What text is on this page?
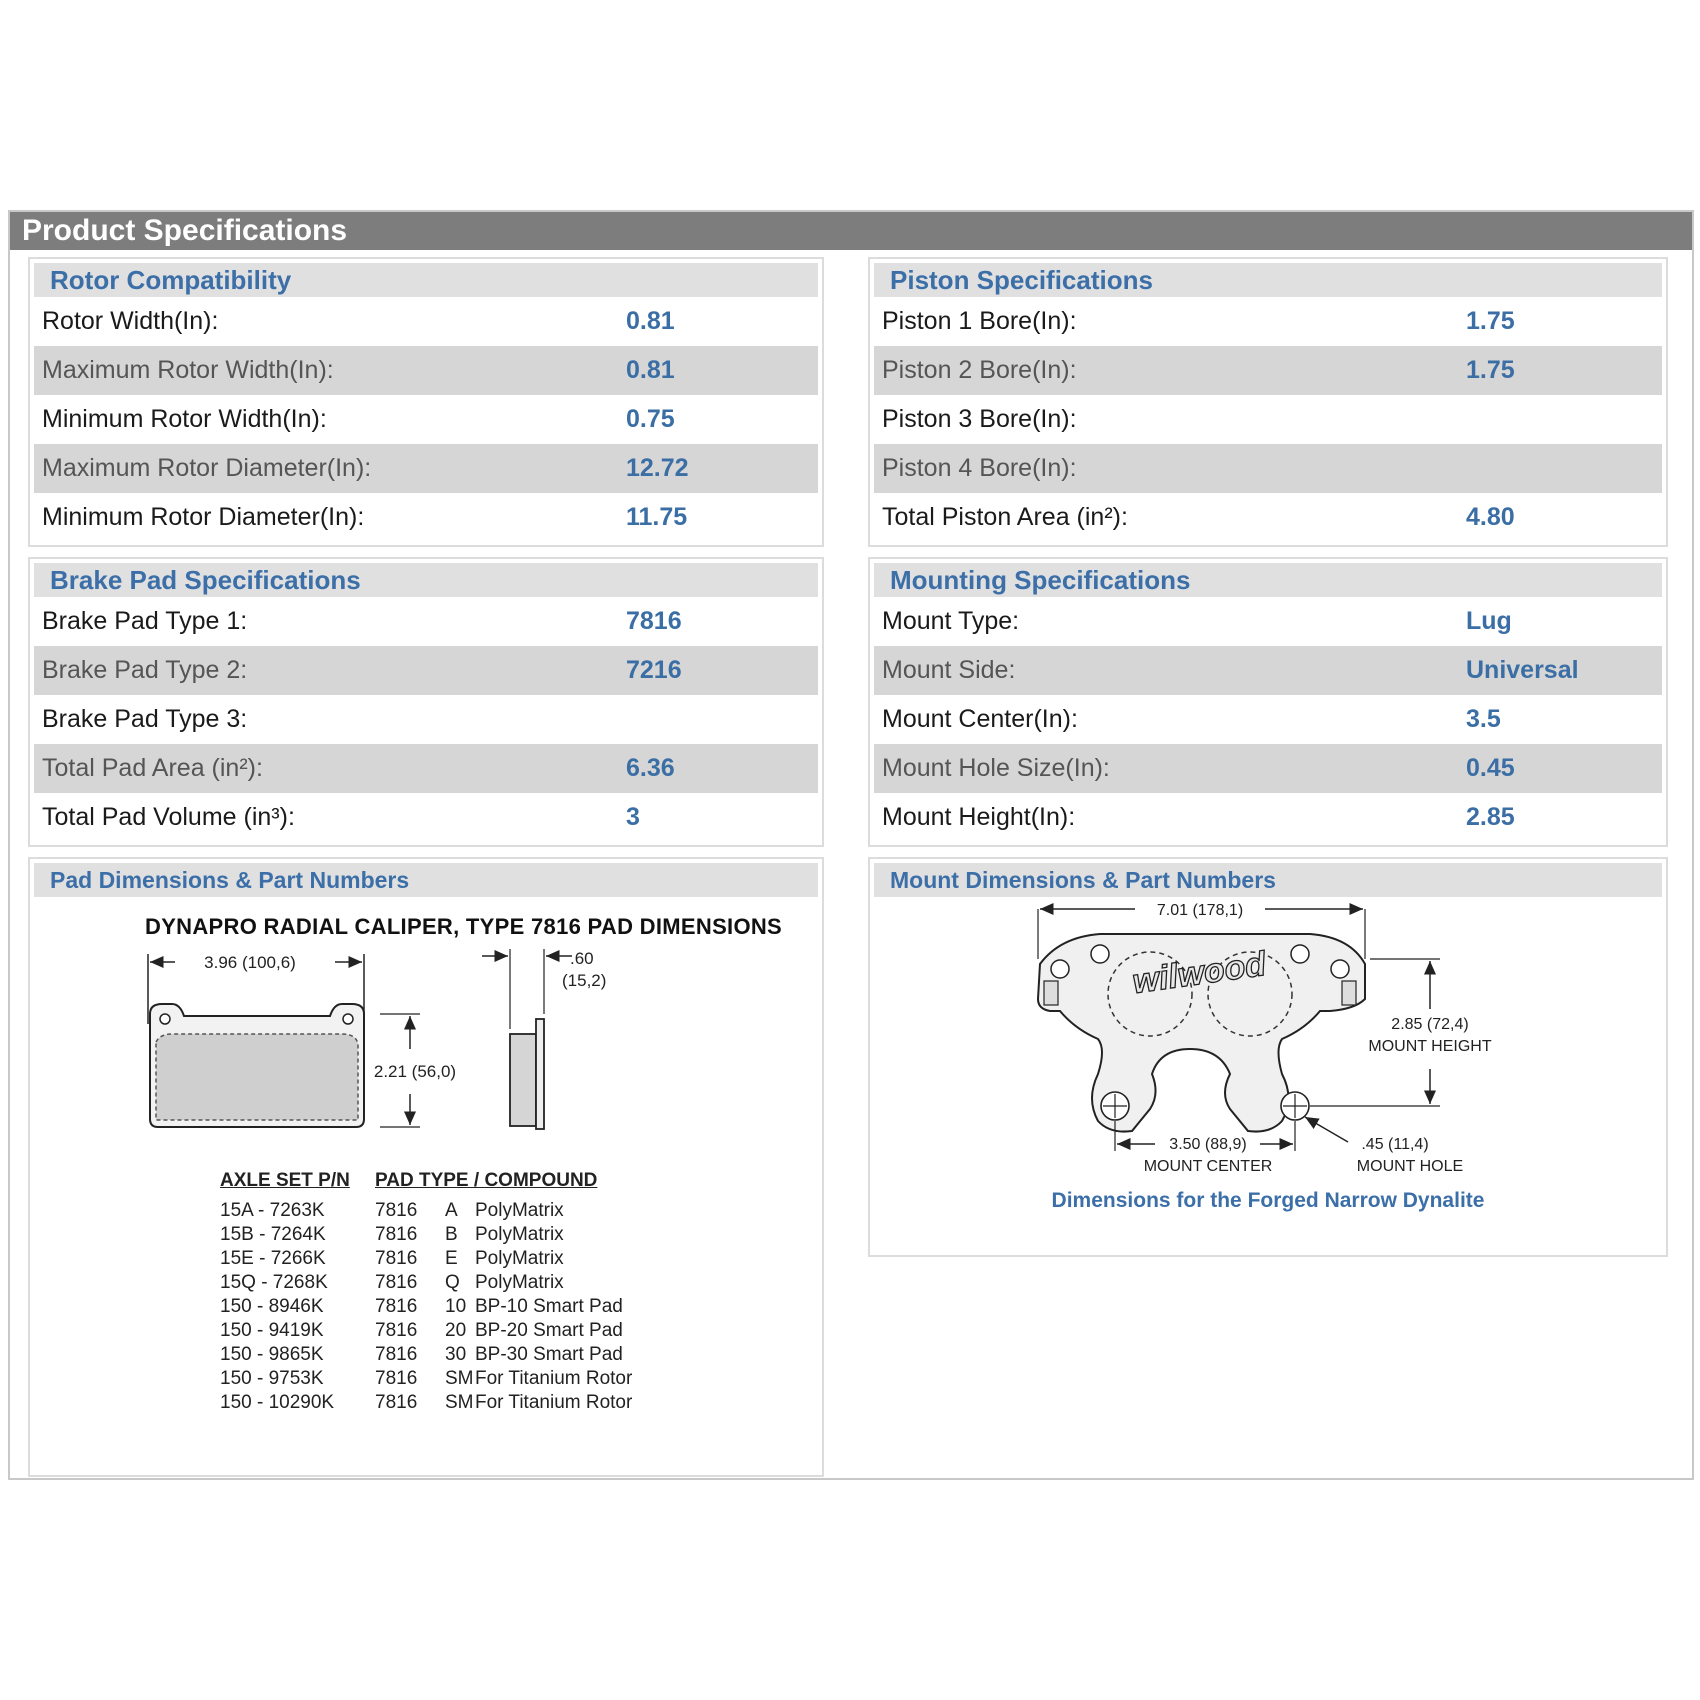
Product Specifications
Rotor Compatibility
Rotor Width(In):	0.81
Maximum Rotor Width(In):	0.81
Minimum Rotor Width(In):	0.75
Maximum Rotor Diameter(In):	12.72
Minimum Rotor Diameter(In):	11.75
Piston Specifications
Piston 1 Bore(In):	1.75
Piston 2 Bore(In):	1.75
Piston 3 Bore(In):
Piston 4 Bore(In):
Total Piston Area (in²):	4.80
Brake Pad Specifications
Brake Pad Type 1:	7816
Brake Pad Type 2:	7216
Brake Pad Type 3:
Total Pad Area (in²):	6.36
Total Pad Volume (in³):	3
Mounting Specifications
Mount Type:	Lug
Mount Side:	Universal
Mount Center(In):	3.5
Mount Hole Size(In):	0.45
Mount Height(In):	2.85
Pad Dimensions & Part Numbers
DYNAPRO RADIAL CALIPER, TYPE 7816 PAD DIMENSIONS
3.96 (100,6)
2.21 (56,0)
.60
(15,2)
AXLE SET P/N PAD TYPE / COMPOUND
15A - 7263K	7816 A PolyMatrix
15B - 7264K	7816 B PolyMatrix
15E - 7266K	7816 E PolyMatrix
15Q - 7268K 7816 Q PolyMatrix
150 - 8946K	7816 10 BP-10 Smart Pad
150 - 9419K	7816 20 BP-20 Smart Pad
150 - 9865K	7816 30 BP-30 Smart Pad
150 - 9753K	7816 SM For Titanium Rotor
150 - 10290K 7816 SM For Titanium Rotor
Mount Dimensions & Part Numbers
7.01 (178,1)
wilwood
2.85 (72,4)
MOUNT HEIGHT
3.50 (88,9)
MOUNT CENTER
.45 (11,4)
MOUNT HOLE
Dimensions for the Forged Narrow Dynalite
